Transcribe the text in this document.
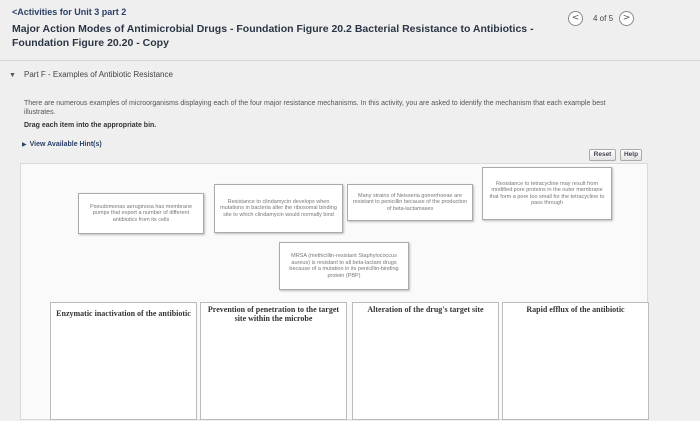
<Activities for Unit 3 part 2
Major Action Modes of Antimicrobial Drugs - Foundation Figure 20.2 Bacterial Resistance to Antibiotics - Foundation Figure 20.20 - Copy
<	4 of 5	>
▼ Part F - Examples of Antibiotic Resistance
There are numerous examples of microorganisms displaying each of the four major resistance mechanisms. In this activity, you are asked to identify the mechanism that each example best illustrates.
Drag each item into the appropriate bin.
▶ View Available Hint(s)
Reset	Help
Pseudomonas aeruginosa has membrane pumps that export a number of different antibiotics from its cells
Resistance to clindamycin develops when mutations in bacteria alter the ribosomal binding site to which clindamycin would normally bind
Many strains of Neisseria gonorrhoeae are resistant to penicillin because of the production of beta-lactamases
Resistance to tetracycline may result from modified pore proteins in the outer membrane that form a pore too small for the tetracycline to pass through
MRSA (methicillin-resistant Staphylococcus aureus) is resistant to all beta-lactam drugs because of a mutation in its penicillin-binding protein (PBP)
Enzymatic inactivation of the antibiotic	Prevention of penetration to the target site within the microbe
Alteration of the drug's target site	Rapid efflux of the antibiotic
